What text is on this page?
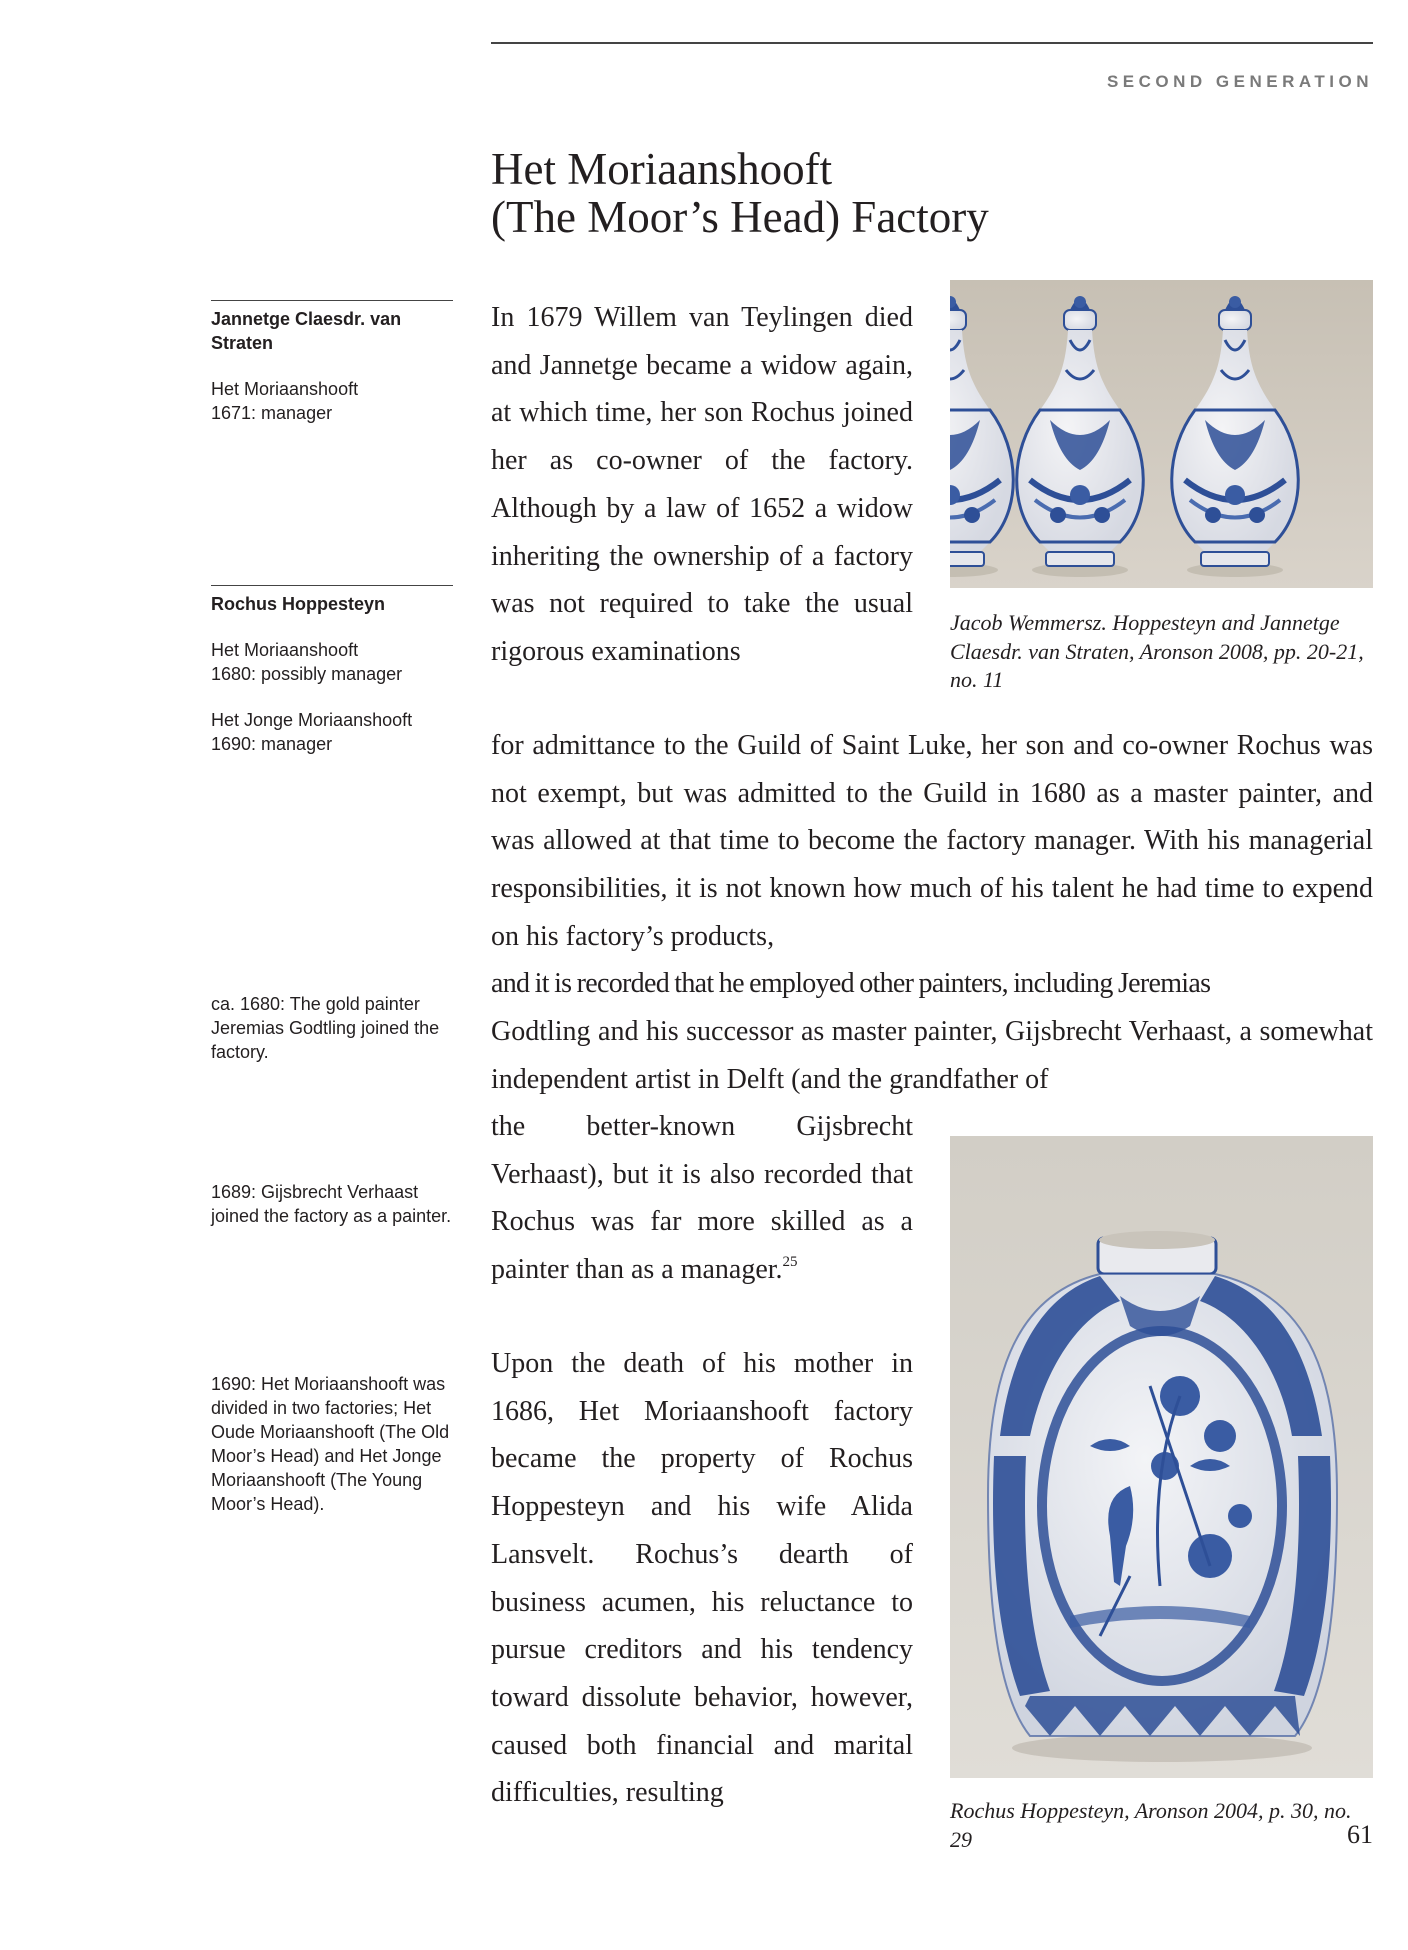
SECOND GENERATION
Het Moriaanshooft
(The Moor’s Head) Factory
Jannetge Claesdr. van Straten
Het Moriaanshooft
1671: manager
Rochus Hoppesteyn
Het Moriaanshooft
1680: possibly manager
Het Jonge Moriaanshooft
1690: manager
ca. 1680: The gold painter Jeremias Godtling joined the factory.
1689: Gijsbrecht Verhaast joined the factory as a painter.
1690: Het Moriaanshooft was divided in two factories; Het Oude Moriaanshooft (The Old Moor’s Head) and Het Jonge Moriaanshooft (The Young Moor’s Head).
In 1679 Willem van Teylingen died and Jannetge became a widow again, at which time, her son Rochus joined her as co-owner of the factory. Although by a law of 1652 a widow inheriting the ownership of a factory was not required to take the usual rigorous examinations
for admittance to the Guild of Saint Luke, her son and co-owner Rochus was not exempt, but was admitted to the Guild in 1680 as a master painter, and was allowed at that time to become the factory manager. With his managerial responsibilities, it is not known how much of his talent he had time to expend on his factory’s products,
and it is recorded that he employed other painters, including Jeremias
Godtling and his successor as master painter, Gijsbrecht Verhaast, a somewhat independent artist in Delft (and the grandfather of
the better-known Gijsbrecht Verhaast), but it is also recorded that Rochus was far more skilled as a painter than as a manager.$^{25}$
Upon the death of his mother in 1686, Het Moriaanshooft factory became the property of Rochus Hoppesteyn and his wife Alida Lansvelt. Rochus’s dearth of business acumen, his reluctance to pursue creditors and his tendency toward dissolute behavior, however, caused both financial and marital difficulties, resulting
Jacob Wemmersz. Hoppesteyn and Jannetge Claesdr. van Straten, Aronson 2008, pp. 20-21, no. 11
Rochus Hoppesteyn, Aronson 2004, p. 30, no. 29	61
